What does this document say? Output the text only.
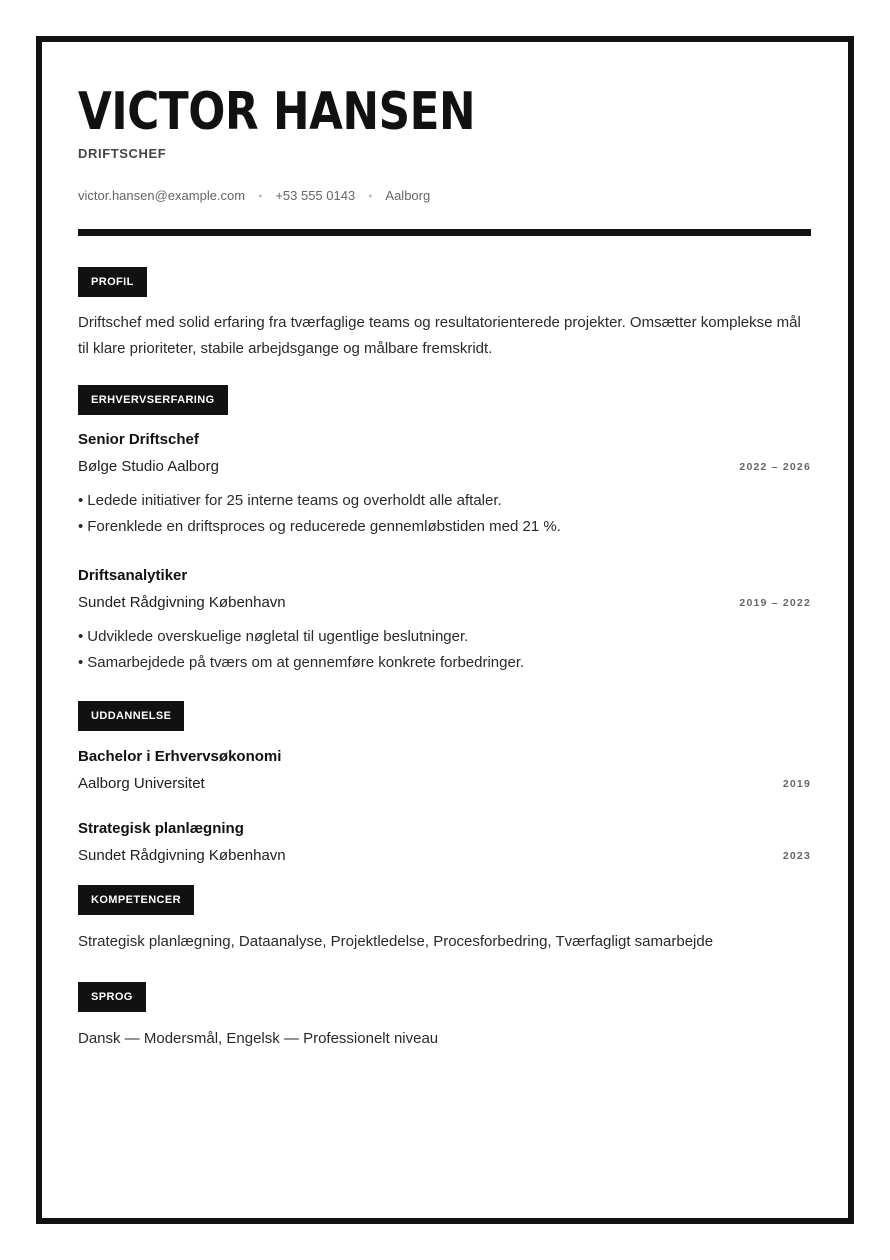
VICTOR HANSEN
DRIFTSCHEF
victor.hansen@example.com • +53 555 0143 • Aalborg
PROFIL
Driftschef med solid erfaring fra tværfaglige teams og resultatorienterede projekter. Omsætter komplekse mål til klare prioriteter, stabile arbejdsgange og målbare fremskridt.
ERHVERVSERFARING
Senior Driftschef
Bølge Studio Aalborg	2022 – 2026
• Ledede initiativer for 25 interne teams og overholdt alle aftaler.
• Forenklede en driftsproces og reducerede gennemløbstiden med 21 %.
Driftsanalytiker
Sundet Rådgivning København	2019 – 2022
• Udviklede overskuelige nøgletal til ugentlige beslutninger.
• Samarbejdede på tværs om at gennemføre konkrete forbedringer.
UDDANNELSE
Bachelor i Erhvervsøkonomi
Aalborg Universitet	2019
Strategisk planlægning
Sundet Rådgivning København	2023
KOMPETENCER
Strategisk planlægning, Dataanalyse, Projektledelse, Procesforbedring, Tværfagligt samarbejde
SPROG
Dansk — Modersmål, Engelsk — Professionelt niveau
